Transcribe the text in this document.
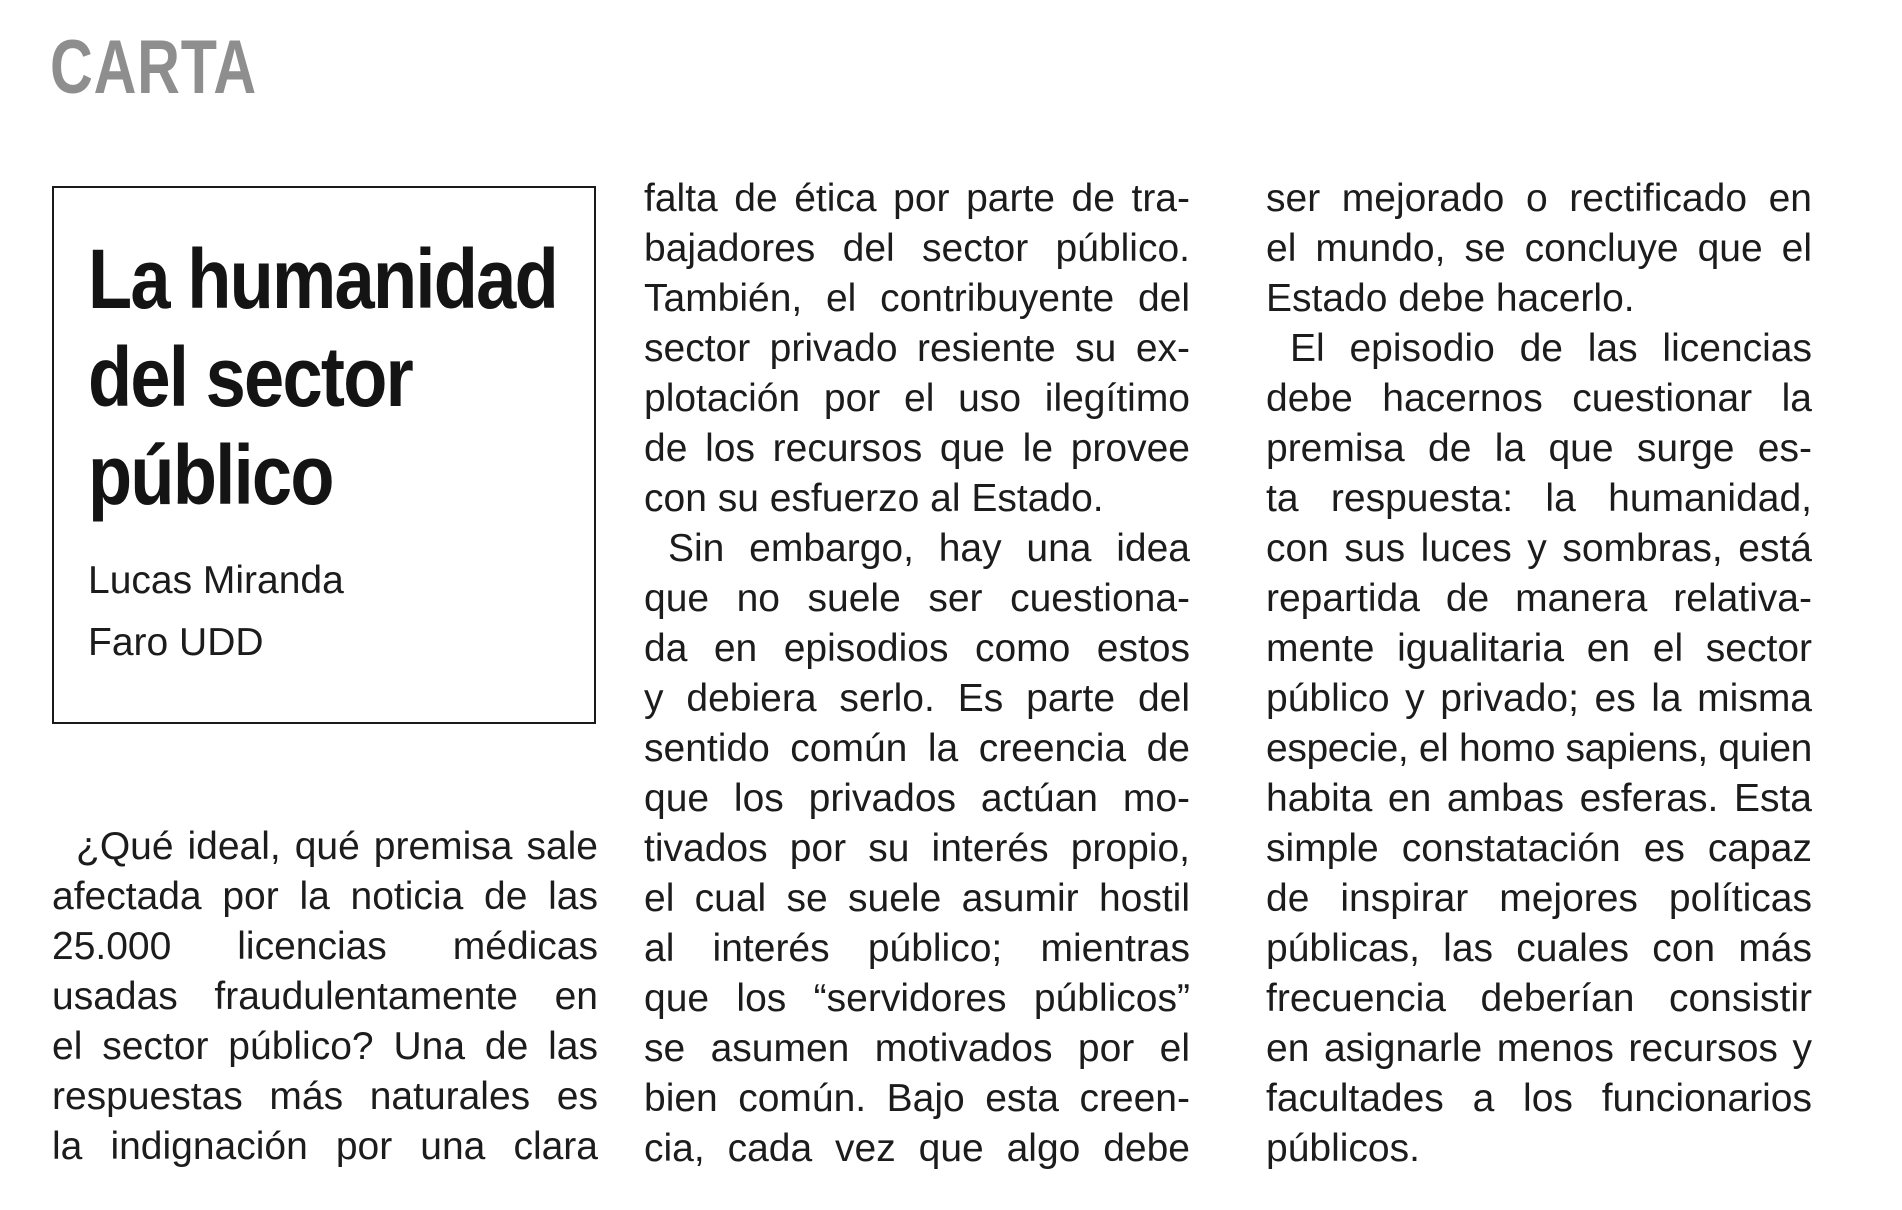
CARTA
La humanidad
del sector
público
Lucas Miranda
Faro UDD
¿Qué ideal, qué premisa sale
afectada por la noticia de las
25.000 licencias médicas
usadas fraudulentamente en
el sector público? Una de las
respuestas más naturales es
la indignación por una clara
falta de ética por parte de tra-
bajadores del sector público.
También, el contribuyente del
sector privado resiente su ex-
plotación por el uso ilegítimo
de los recursos que le provee
con su esfuerzo al Estado.
Sin embargo, hay una idea
que no suele ser cuestiona-
da en episodios como estos
y debiera serlo. Es parte del
sentido común la creencia de
que los privados actúan mo-
tivados por su interés propio,
el cual se suele asumir hostil
al interés público; mientras
que los “servidores públicos”
se asumen motivados por el
bien común. Bajo esta creen-
cia, cada vez que algo debe
ser mejorado o rectificado en
el mundo, se concluye que el
Estado debe hacerlo.
El episodio de las licencias
debe hacernos cuestionar la
premisa de la que surge es-
ta respuesta: la humanidad,
con sus luces y sombras, está
repartida de manera relativa-
mente igualitaria en el sector
público y privado; es la misma
especie, el homo sapiens, quien
habita en ambas esferas. Esta
simple constatación es capaz
de inspirar mejores políticas
públicas, las cuales con más
frecuencia deberían consistir
en asignarle menos recursos y
facultades a los funcionarios
públicos.
